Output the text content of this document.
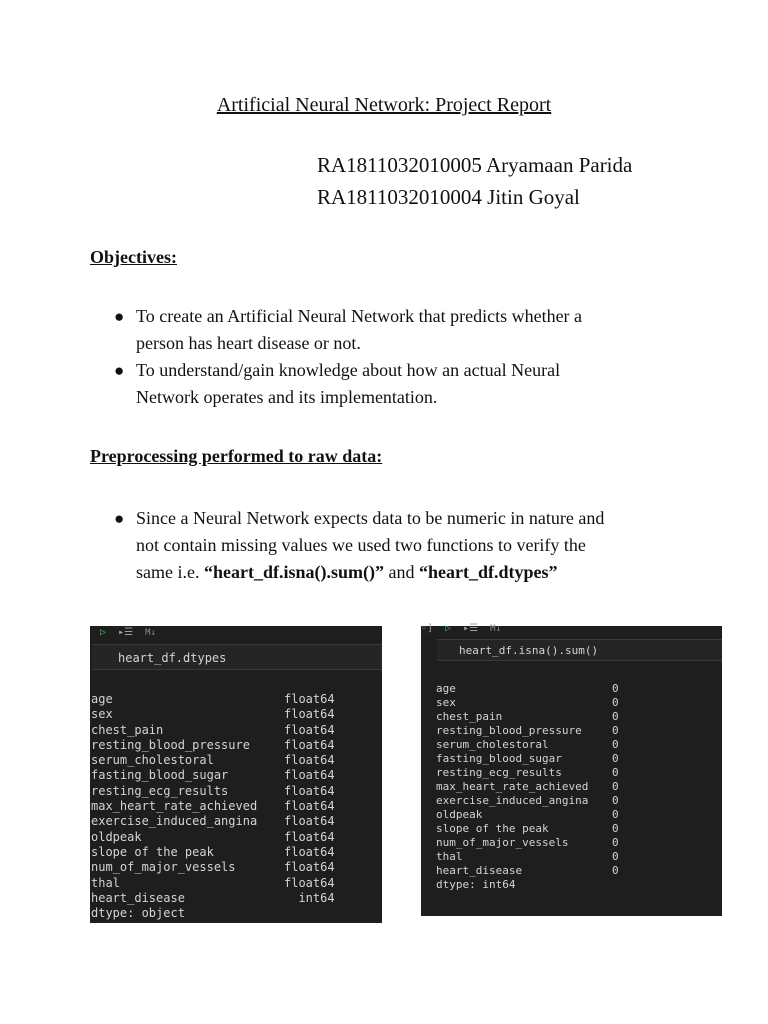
Artificial Neural Network: Project Report
RA1811032010005 Aryamaan Parida
RA1811032010004 Jitin Goyal
Objectives:
● To create an Artificial Neural Network that predicts whether a
person has heart disease or not.
● To understand/gain knowledge about how an actual Neural
Network operates and its implementation.
Preprocessing performed to raw data:
● Since a Neural Network expects data to be numeric in nature and
not contain missing values we used two functions to verify the
same i.e. “heart_df.isna().sum()” and “heart_df.dtypes”
▷ ▸☰ M↓
heart_df.dtypes
age	float64
sex	float64
chest_pain	float64
resting_blood_pressure	float64
serum_cholestoral	float64
fasting_blood_sugar	float64
resting_ecg_results	float64
max_heart_rate_achieved	float64
exercise_induced_angina	float64
oldpeak	float64
slope of the peak	float64
num_of_major_vessels	float64
thal	float64
heart_disease	int64
dtype: object
◦] ▷ ▸☰ M↓
heart_df.isna().sum()
age	0
sex	0
chest_pain	0
resting_blood_pressure	0
serum_cholestoral	0
fasting_blood_sugar	0
resting_ecg_results	0
max_heart_rate_achieved	0
exercise_induced_angina	0
oldpeak	0
slope of the peak	0
num_of_major_vessels	0
thal	0
heart_disease	0
dtype: int64
